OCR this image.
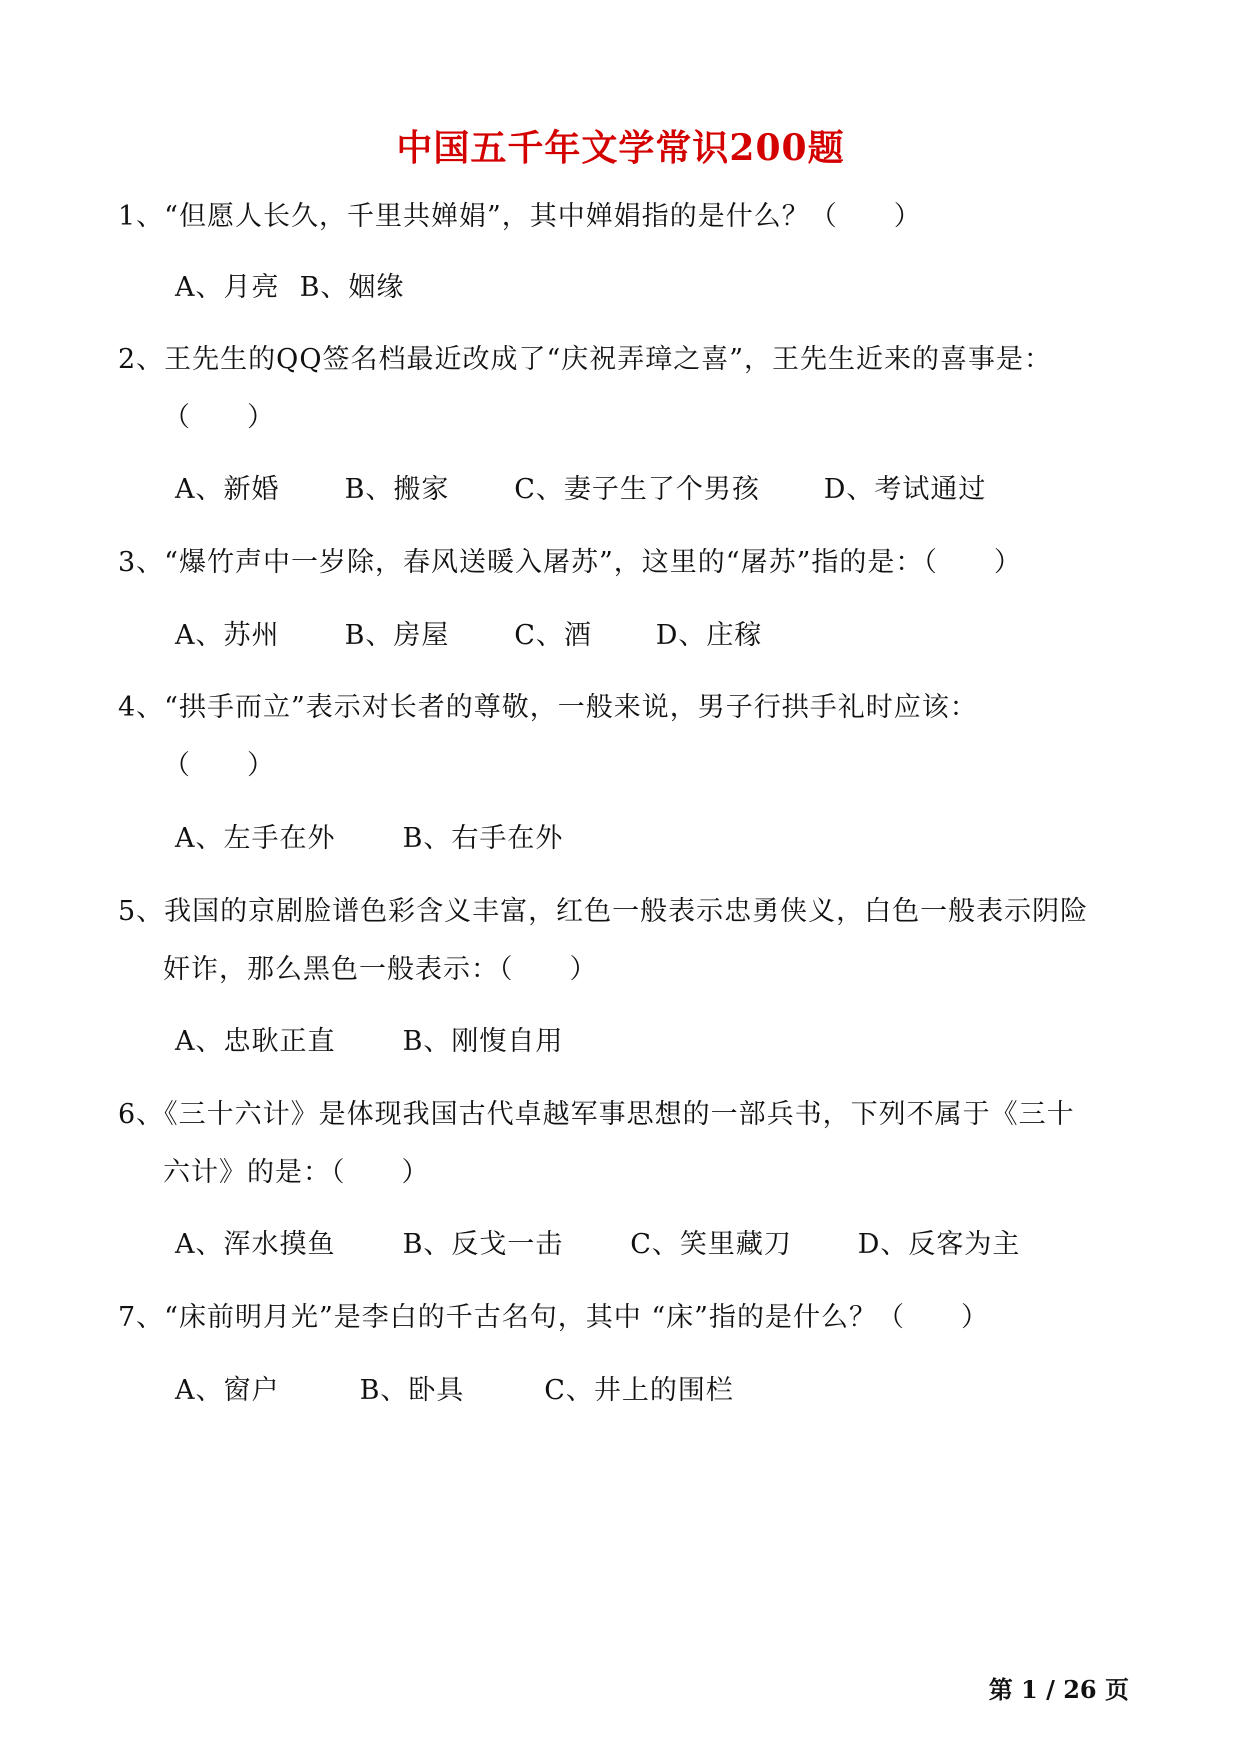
中国五千年文学常识200题
1、“但愿人长久，千里共婵娟”，其中婵娟指的是什么？（　　）
A、月亮 B、姻缘
2、王先生的QQ签名档最近改成了“庆祝弄璋之喜”，王先生近来的喜事是：
（　　）
A、新婚 B、搬家 C、妻子生了个男孩 D、考试通过
3、“爆竹声中一岁除，春风送暖入屠苏”，这里的“屠苏”指的是：（　　）
A、苏州 B、房屋 C、酒 D、庄稼
4、“拱手而立”表示对长者的尊敬，一般来说，男子行拱手礼时应该：
（　　）
A、左手在外 B、右手在外
5、我国的京剧脸谱色彩含义丰富，红色一般表示忠勇侠义，白色一般表示阴险
奸诈，那么黑色一般表示：（　　）
A、忠耿正直 B、刚愎自用
6、《三十六计》是体现我国古代卓越军事思想的一部兵书，下列不属于《三十
六计》的是：（　　）
A、浑水摸鱼 B、反戈一击 C、笑里藏刀 D、反客为主
7、“床前明月光”是李白的千古名句，其中 “床”指的是什么？（　　）
A、窗户	B、卧具	C、井上的围栏
第 1 / 26 页
